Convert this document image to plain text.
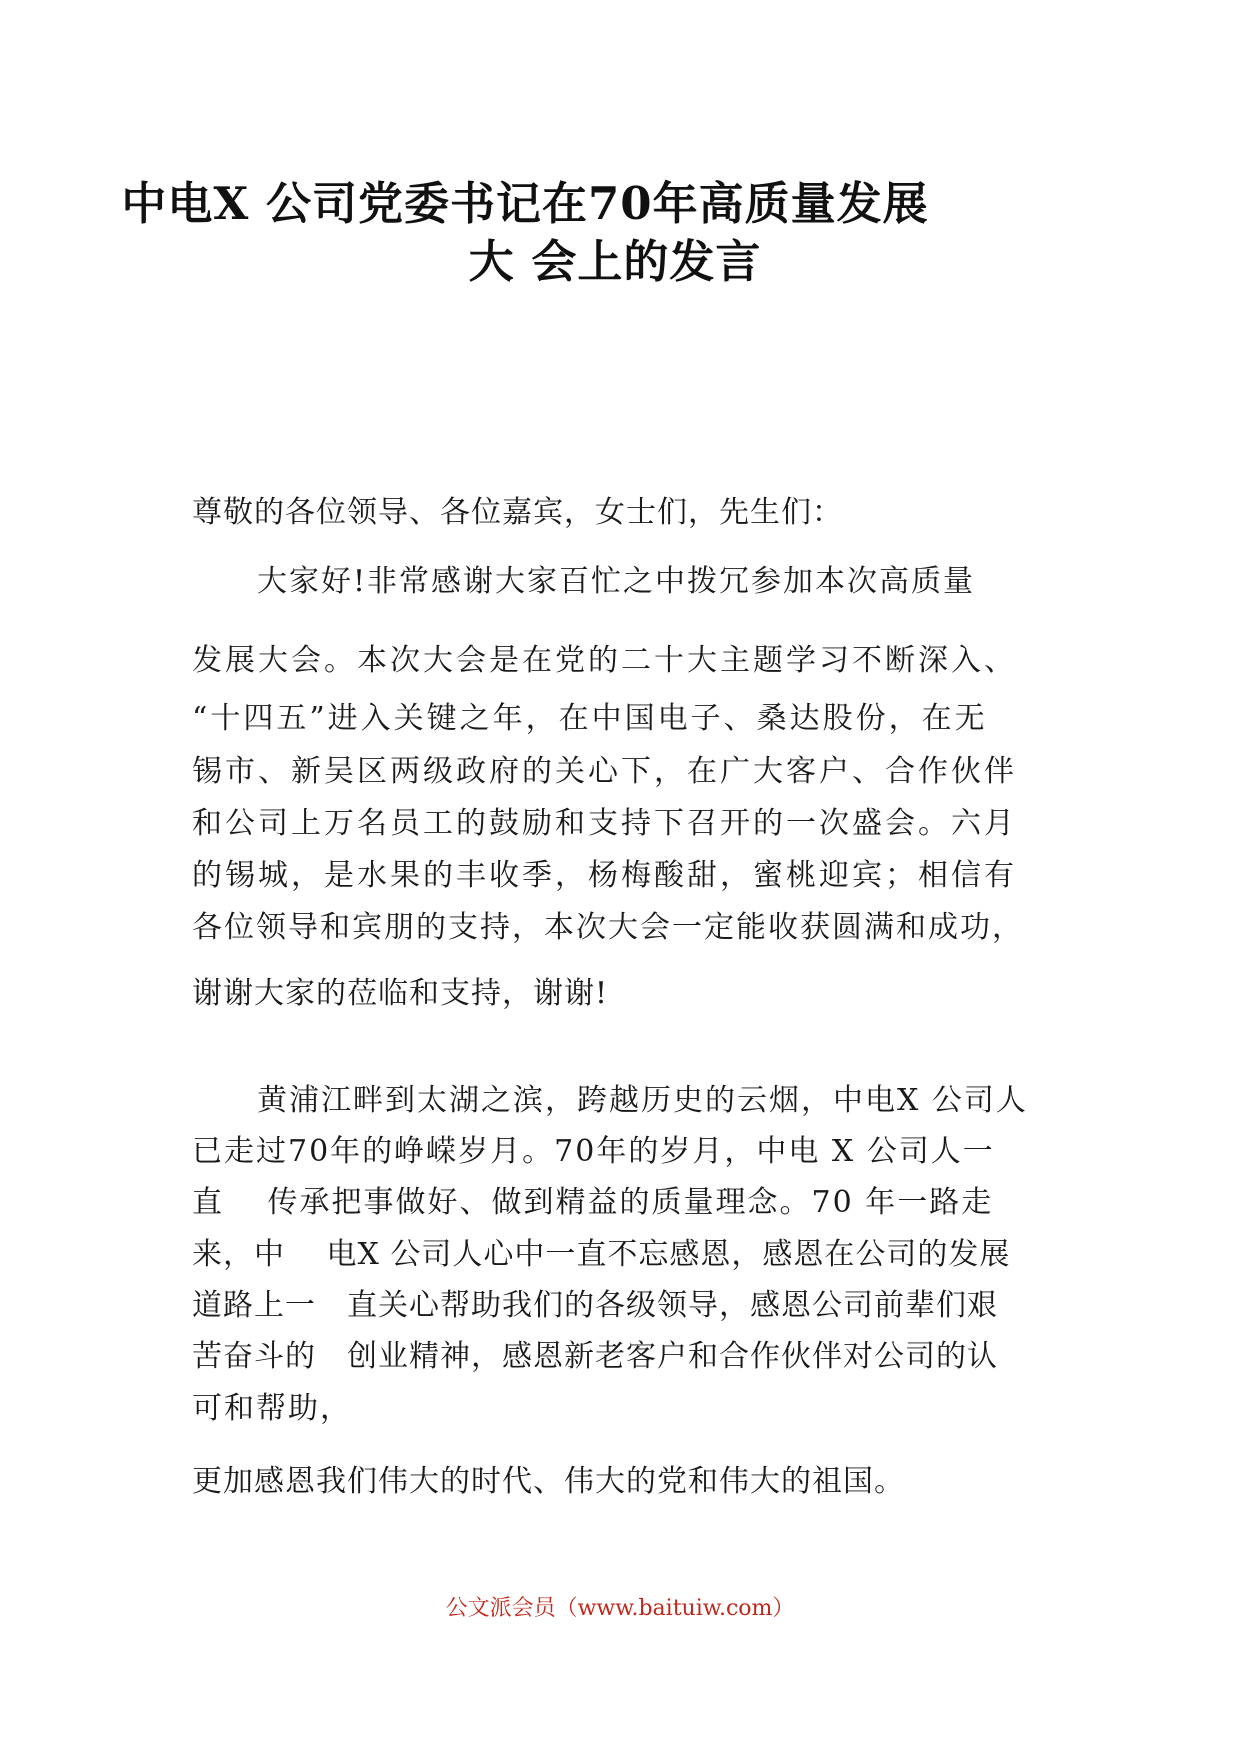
中电X 公司党委书记在70年高质量发展
大 会上的发言
尊敬的各位领导、各位嘉宾，女士们，先生们：
大家好!非常感谢大家百忙之中拨冗参加本次高质量
发展大会。本次大会是在党的二十大主题学习不断深入、
“十四五”进入关键之年，在中国电子、桑达股份，在无
锡市、新吴区两级政府的关心下，在广大客户、合作伙伴
和公司上万名员工的鼓励和支持下召开的一次盛会。六月
的锡城，是水果的丰收季，杨梅酸甜，蜜桃迎宾；相信有
各位领导和宾朋的支持，本次大会一定能收获圆满和成功，
谢谢大家的莅临和支持，谢谢!
黄浦江畔到太湖之滨，跨越历史的云烟，中电X 公司人
已走过70年的峥嵘岁月。70年的岁月，中电 X 公司人一
直　 传承把事做好、做到精益的质量理念。70 年一路走
来，中　 电X 公司人心中一直不忘感恩，感恩在公司的发展
道路上一　直关心帮助我们的各级领导，感恩公司前辈们艰
苦奋斗的　创业精神，感恩新老客户和合作伙伴对公司的认
可和帮助，
更加感恩我们伟大的时代、伟大的党和伟大的祖国。
公文派会员（www.baituiw.com）
